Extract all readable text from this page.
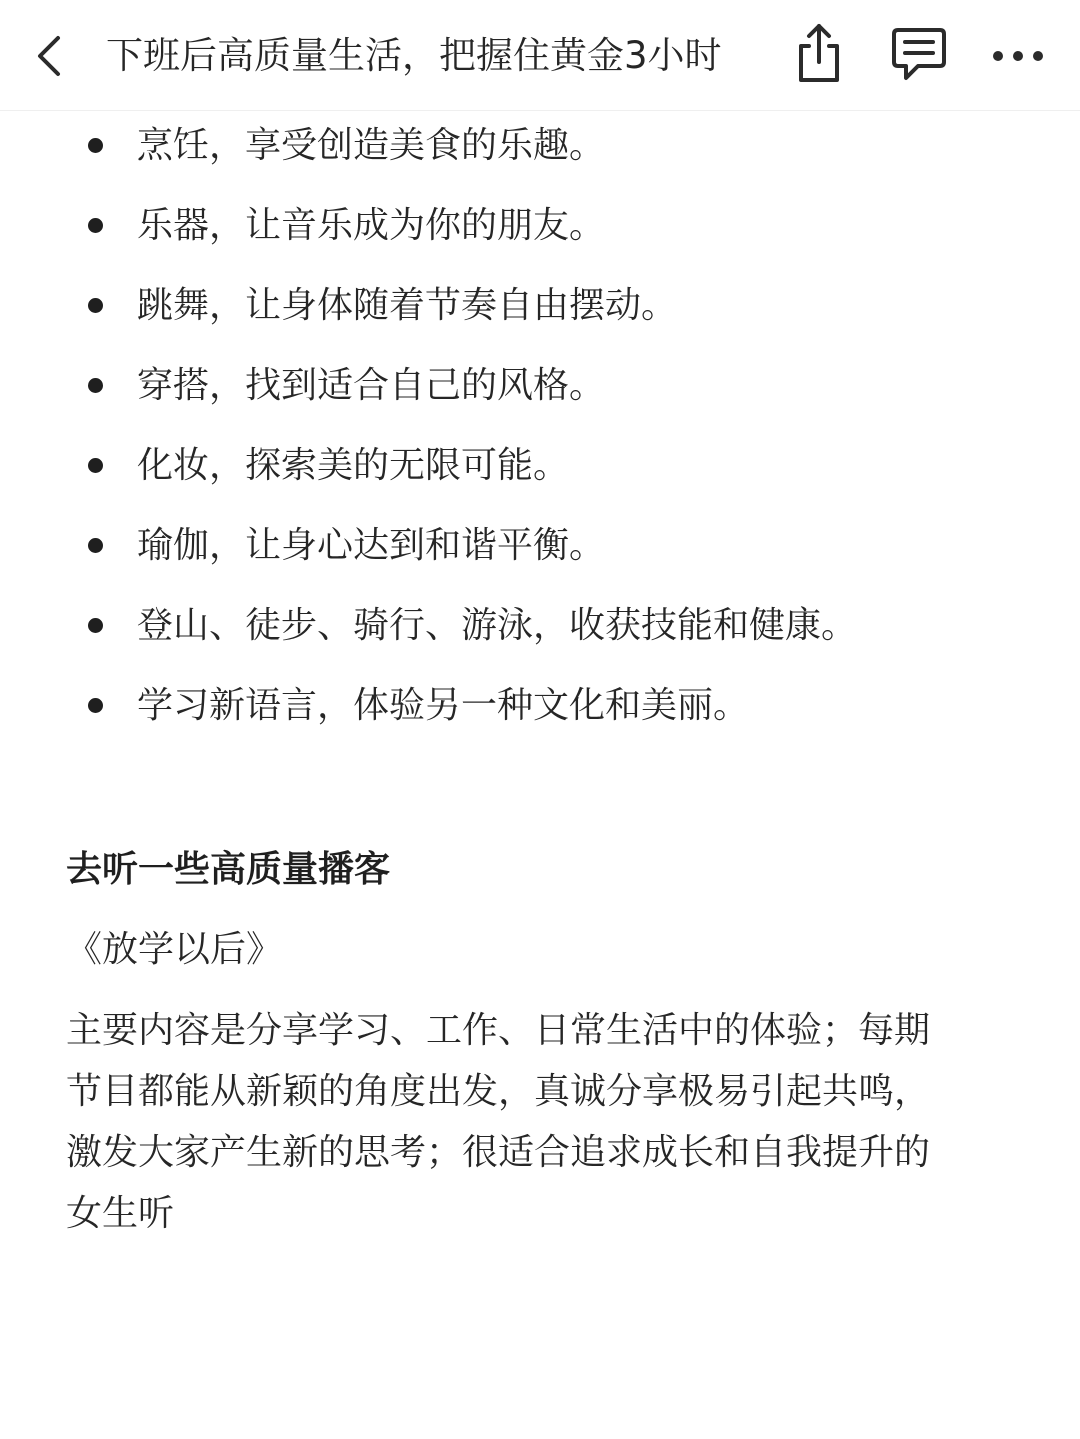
下班后高质量生活，把握住黄金3小时
烹饪，享受创造美食的乐趣。
乐器，让音乐成为你的朋友。
跳舞，让身体随着节奏自由摆动。
穿搭，找到适合自己的风格。
化妆，探索美的无限可能。
瑜伽，让身心达到和谐平衡。
登山、徒步、骑行、游泳，收获技能和健康。
学习新语言，体验另一种文化和美丽。
去听一些高质量播客
《放学以后》

主要内容是分享学习、工作、日常生活中的体验；每期

节目都能从新颖的角度出发，真诚分享极易引起共鸣，

激发大家产生新的思考；很适合追求成长和自我提升的

女生听
